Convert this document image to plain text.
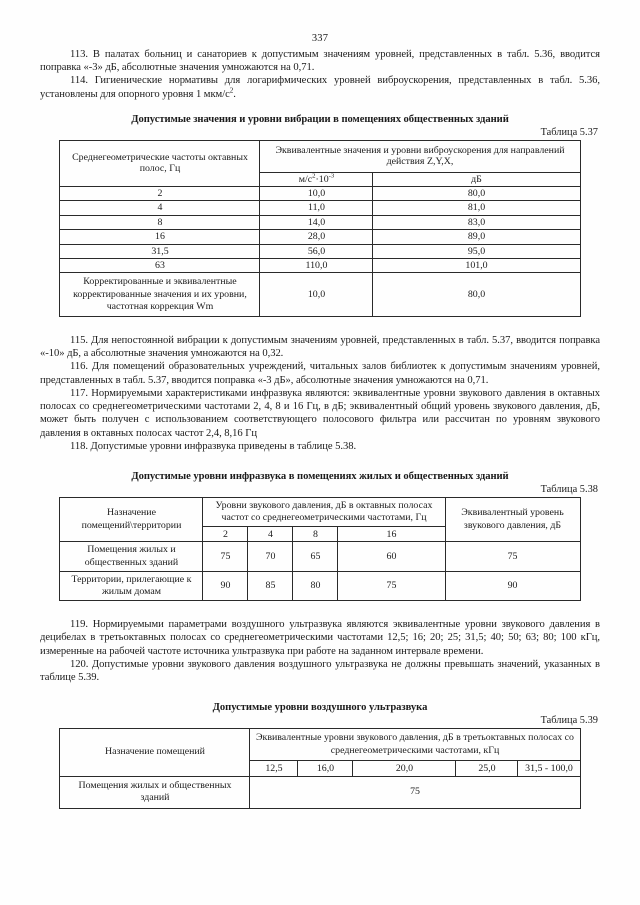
337

113. В палатах больниц и санаториев к допустимым значениям уровней, представленных в табл. 5.36, вводится поправка «-3» дБ, абсолютные значения умножаются на 0,71.

114. Гигиенические нормативы для логарифмических уровней виброускорения, представленных в табл. 5.36, установлены для опорного уровня 1 мкм/$с^2$.

Допустимые значения и уровни вибрации в помещениях общественных зданий
Таблица 5.37
Среднегеометрические частоты октавных полос, Гц	Эквивалентные значения и уровни виброускорения для направлений действия Z,Y,X,	
	$м/с^2\cdot 10^{-3}$	дБ
2	10,0	80,0
4	11,0	81,0
8	14,0	83,0
16	28,0	89,0
31,5	56,0	95,0
63	110,0	101,0
Корректированные и эквивалентные корректированные значения и их уровни, частотная коррекция Wm	10,0	80,0

115. Для непостоянной вибрации к допустимым значениям уровней, представленных в табл. 5.37, вводится поправка «-10» дБ, а абсолютные значения умножаются на 0,32.

116. Для помещений образовательных учреждений, читальных залов библиотек к допустимым значениям уровней, представленных в табл. 5.37, вводится поправка «-3 дБ», абсолютные значения умножаются на 0,71.

117. Нормируемыми характеристиками инфразвука являются: эквивалентные уровни звукового давления в октавных полосах со среднегеометрическими частотами 2, 4, 8 и 16 Гц, в дБ; эквивалентный общий уровень звукового давления, дБ, может быть получен с использованием соответствующего полосового фильтра или рассчитан по уровням звукового давления в октавных полосах частот 2,4, 8,16 Гц

118. Допустимые уровни инфразвука приведены в таблице 5.38.

Допустимые уровни инфразвука в помещениях жилых и общественных зданий
Таблица 5.38
Назначение помещений\территории	Уровни звукового давления, дБ в октавных полосах частот со среднегеометрическими частотами, Гц				Эквивалентный уровень звукового давления, дБ
	2	4	8	16	
Помещения жилых и общественных зданий	75	70	65	60	75
Территории, прилегающие к жилым домам	90	85	80	75	90

119. Нормируемыми параметрами воздушного ультразвука являются эквивалентные уровни звукового давления в децибелах в третьоктавных полосах со среднегеометрическими частотами 12,5; 16; 20; 25; 31,5; 40; 50; 63; 80; 100 кГц, измеренные на рабочей частоте источника ультразвука при работе на заданном интервале времени.

120. Допустимые уровни звукового давления воздушного ультразвука не должны превышать значений, указанных в таблице 5.39.

Допустимые уровни воздушного ультразвука
Таблица 5.39
Назначение помещений	Эквивалентные уровни звукового давления, дБ в третьоктавных полосах со среднегеометрическими частотами, кГц				
	12,5	16,0	20,0	25,0	31,5 - 100,0
Помещения жилых и общественных зданий	75				
